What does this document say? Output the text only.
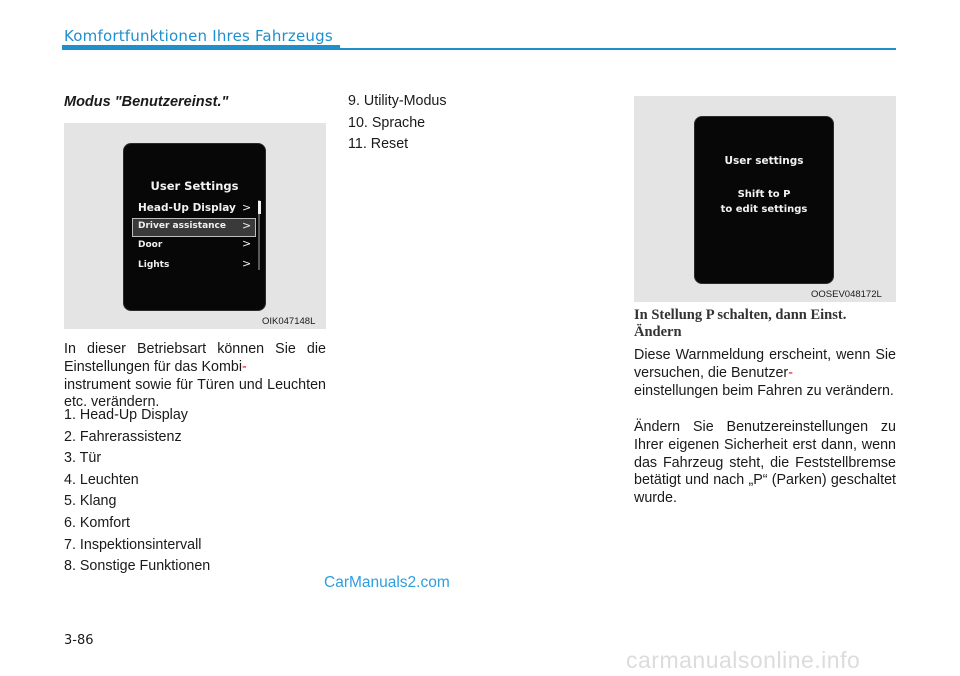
Komfortfunktionen Ihres Fahrzeugs
Modus "Benutzereinst."
User Settings
Head-Up Display >
Driver assistance >
Door	>
Lights	>
OIK047148L
In dieser Betriebsart können Sie die Einstellungen für das Kombi-
instrument sowie für Türen und Leuchten etc. verändern.
1. Head-Up Display
2. Fahrerassistenz
3. Tür
4. Leuchten
5. Klang
6. Komfort
7. Inspektionsintervall
8. Sonstige Funktionen
9. Utility-Modus
10. Sprache
11. Reset
User settings
Shift to P
to edit settings
OOSEV048172L
In Stellung P schalten, dann Einst. Ändern
Diese Warnmeldung erscheint, wenn Sie versuchen, die Benutzer-
einstellungen beim Fahren zu verändern.
Ändern Sie Benutzereinstellungen zu Ihrer eigenen Sicherheit erst dann, wenn das Fahrzeug steht, die Feststellbremse betätigt und nach „P“ (Parken) geschaltet wurde.
CarManuals2.com
3-86
carmanualsonline.info
